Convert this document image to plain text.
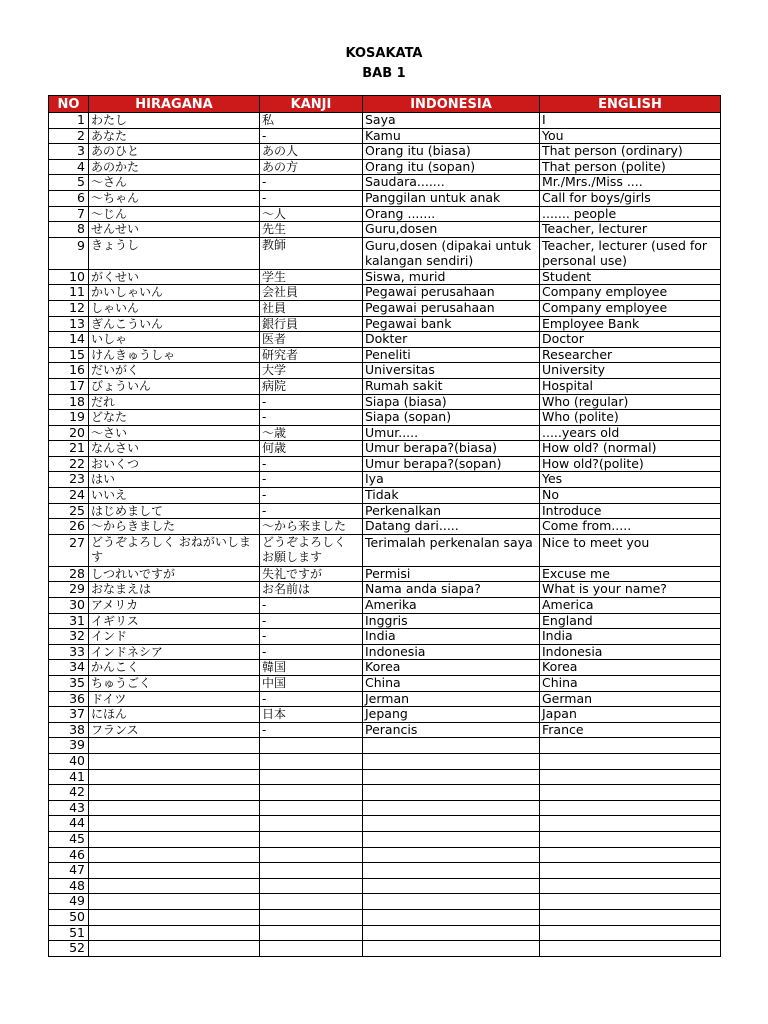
KOSAKATA
BAB 1
NO	HIRAGANA	KANJI	INDONESIA	ENGLISH
1	わたし	私	Saya	I
2	あなた	-	Kamu	You
3	あのひと	あの人	Orang itu (biasa)	That person (ordinary)
4	あのかた	あの方	Orang itu (sopan)	That person (polite)
5	～さん	-	Saudara.......	Mr./Mrs./Miss ....
6	～ちゃん	-	Panggilan untuk anak	Call for boys/girls
7	～じん	～人	Orang .......	....... people
8	せんせい	先生	Guru,dosen	Teacher, lecturer
9	きょうし	教師	Guru,dosen (dipakai untuk kalangan sendiri)	Teacher, lecturer (used for personal use)
10	がくせい	学生	Siswa, murid	Student
11	かいしゃいん	会社員	Pegawai perusahaan	Company employee
12	しゃいん	社員	Pegawai perusahaan	Company employee
13	ぎんこういん	銀行員	Pegawai bank	Employee Bank
14	いしゃ	医者	Dokter	Doctor
15	けんきゅうしゃ	研究者	Peneliti	Researcher
16	だいがく	大学	Universitas	University
17	びょういん	病院	Rumah sakit	Hospital
18	だれ	-	Siapa (biasa)	Who (regular)
19	どなた	-	Siapa (sopan)	Who (polite)
20	～さい	～歳	Umur.....	.....years old
21	なんさい	何歳	Umur berapa?(biasa)	How old? (normal)
22	おいくつ	-	Umur berapa?(sopan)	How old?(polite)
23	はい	-	Iya	Yes
24	いいえ	-	Tidak	No
25	はじめまして	-	Perkenalkan	Introduce
26	～からきました	～から来ました	Datang dari.....	Come from.....
27	どうぞよろしく おねがいします	どうぞよろしく お願します	Terimalah perkenalan saya	Nice to meet you
28	しつれいですが	失礼ですが	Permisi	Excuse me
29	おなまえは	お名前は	Nama anda siapa?	What is your name?
30	アメリカ	-	Amerika	America
31	イギリス	-	Inggris	England
32	インド	-	India	India
33	インドネシア	-	Indonesia	Indonesia
34	かんこく	韓国	Korea	Korea
35	ちゅうごく	中国	China	China
36	ドイツ	-	Jerman	German
37	にほん	日本	Jepang	Japan
38	フランス	-	Perancis	France
39				
40				
41				
42				
43				
44				
45				
46				
47				
48				
49				
50				
51				
52				
